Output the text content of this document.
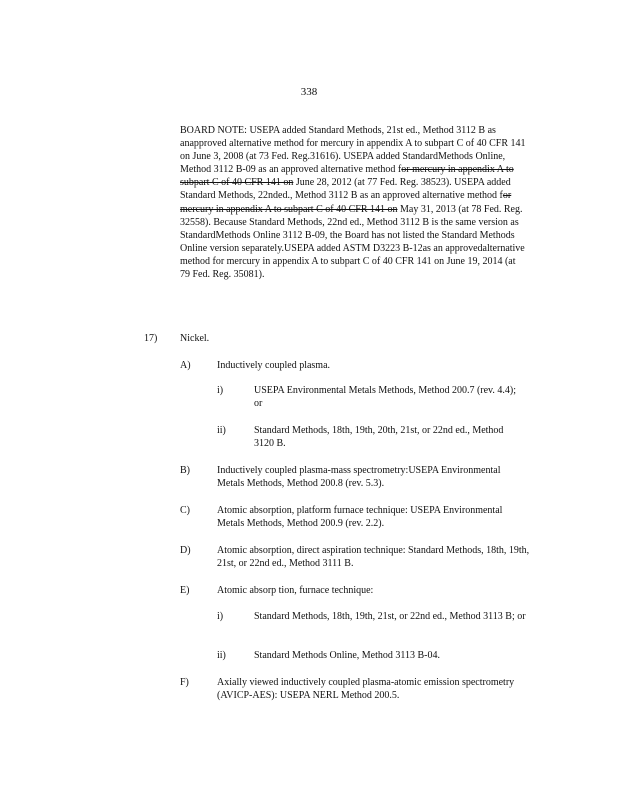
338
BOARD NOTE: USEPA added Standard Methods, 21st ed., Method 3112 B as anapproved alternative method for mercury in appendix A to subpart C of 40 CFR 141 on June 3, 2008 (at 73 Fed. Reg.31616). USEPA added StandardMethods Online, Method 3112 B-09 as an approved alternative method for mercury in appendix A to subpart C of 40 CFR 141 on June 28, 2012 (at 77 Fed. Reg. 38523). USEPA added Standard Methods, 22nded., Method 3112 B as an approved alternative method for mercury in appendix A to subpart C of 40 CFR 141 on May 31, 2013 (at 78 Fed. Reg. 32558). Because Standard Methods, 22nd ed., Method 3112 B is the same version as StandardMethods Online 3112 B-09, the Board has not listed the Standard Methods Online version separately.USEPA added ASTM D3223 B-12as an approvedalternative method for mercury in appendix A to subpart C of 40 CFR 141 on June 19, 2014 (at 79 Fed. Reg. 35081).
17) Nickel.
A)	Inductively coupled plasma.
i)	USEPA Environmental Metals Methods, Method 200.7 (rev. 4.4); or
ii)	Standard Methods, 18th, 19th, 20th, 21st, or 22nd ed., Method 3120 B.
B)	Inductively coupled plasma-mass spectrometry:USEPA Environmental Metals Methods, Method 200.8 (rev. 5.3).
C)	Atomic absorption, platform furnace technique: USEPA Environmental Metals Methods, Method 200.9 (rev. 2.2).
D)	Atomic absorption, direct aspiration technique: Standard Methods, 18th, 19th, 21st, or 22nd ed., Method 3111 B.
E)	Atomic absorp tion, furnace technique:
i)	Standard Methods, 18th, 19th, 21st, or 22nd ed., Method 3113 B; or
ii)	Standard Methods Online, Method 3113 B-04.
F)	Axially viewed inductively coupled plasma-atomic emission spectrometry (AVICP-AES): USEPA NERL Method 200.5.
